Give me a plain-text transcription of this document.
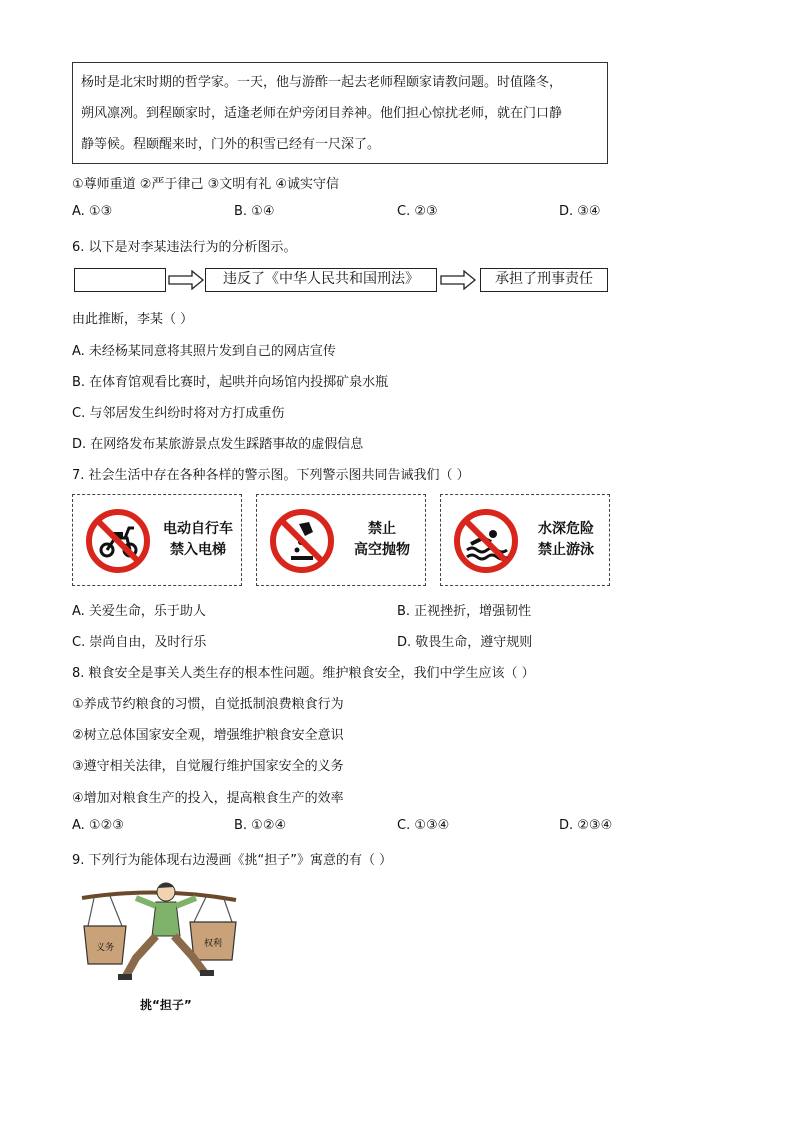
杨时是北宋时期的哲学家。一天，他与游酢一起去老师程颐家请教问题。时值隆冬，
朔风凛冽。到程颐家时，适逢老师在炉旁闭目养神。他们担心惊扰老师，就在门口静
静等候。程颐醒来时，门外的积雪已经有一尺深了。
①尊师重道 ②严于律己 ③文明有礼 ④诚实守信
A. ①③	B. ①④	C. ②③	D. ③④
6. 以下是对李某违法行为的分析图示。
违反了《中华人民共和国刑法》	承担了刑事责任
由此推断，李某（ ）
A. 未经杨某同意将其照片发到自己的网店宣传
B. 在体育馆观看比赛时，起哄并向场馆内投掷矿泉水瓶
C. 与邻居发生纠纷时将对方打成重伤
D. 在网络发布某旅游景点发生踩踏事故的虚假信息
7. 社会生活中存在各种各样的警示图。下列警示图共同告诫我们（ ）
电动自行车
禁入电梯
禁止
高空抛物
水深危险
禁止游泳
A. 关爱生命，乐于助人	B. 正视挫折，增强韧性
C. 崇尚自由，及时行乐	D. 敬畏生命，遵守规则
8. 粮食安全是事关人类生存的根本性问题。维护粮食安全，我们中学生应该（ ）
①养成节约粮食的习惯，自觉抵制浪费粮食行为
②树立总体国家安全观，增强维护粮食安全意识
③遵守相关法律，自觉履行维护国家安全的义务
④增加对粮食生产的投入，提高粮食生产的效率
A. ①②③	B. ①②④	C. ①③④	D. ②③④
9. 下列行为能体现右边漫画《挑“担子”》寓意的有（ ）
义务	权利
挑“担子”
